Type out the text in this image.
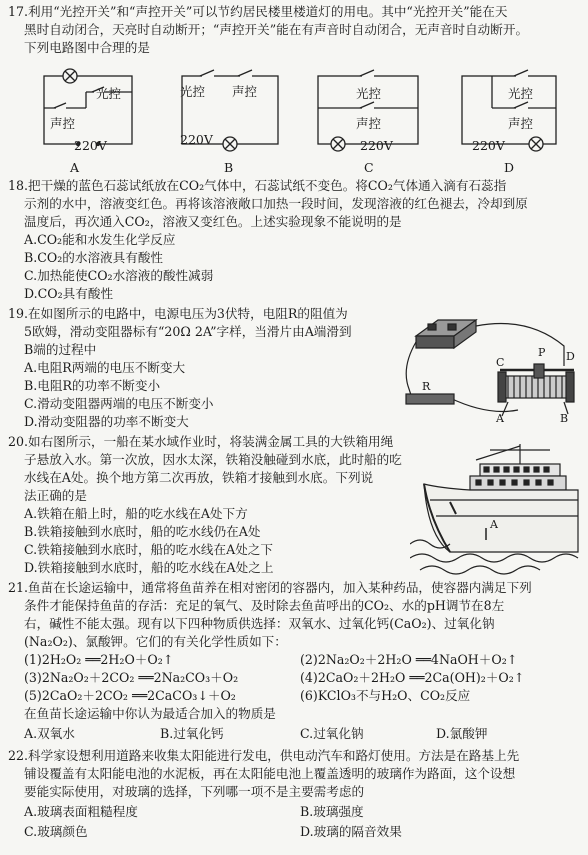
17.利用“光控开关”和“声控开关”可以节约居民楼里楼道灯的用电。其中“光控开关”能在天
黑时自动闭合，天亮时自动断开；“声控开关”能在有声音时自动闭合，无声音时自动断开。
下列电路图中合理的是
光控
声控
220V
A
光控 声控
220V
B
光控
声控
220V
C
光控
声控
220V
D
18.把干燥的蓝色石蕊试纸放在CO₂气体中，石蕊试纸不变色。将CO₂气体通入滴有石蕊指
示剂的水中，溶液变红色。再将该溶液敞口加热一段时间，发现溶液的红色褪去，冷却到原
温度后，再次通入CO₂，溶液又变红色。上述实验现象不能说明的是
A.CO₂能和水发生化学反应
B.CO₂的水溶液具有酸性
C.加热能使CO₂水溶液的酸性减弱
D.CO₂具有酸性
19.在如图所示的电路中，电源电压为3伏特，电阻R的阻值为
5欧姆，滑动变阻器标有“20Ω 2A”字样，当滑片由A端滑到
B端的过程中
A.电阻R两端的电压不断变大
B.电阻R的功率不断变小
C.滑动变阻器两端的电压不断变小
D.滑动变阻器的功率不断变大
C
P D
R
A	B
20.如右图所示，一船在某水域作业时，将装满金属工具的大铁箱用绳
子悬放入水。第一次放，因水太深，铁箱没触碰到水底，此时船的吃
水线在A处。换个地方第二次再放，铁箱才接触到水底。下列说
法正确的是
A.铁箱在船上时，船的吃水线在A处下方
B.铁箱接触到水底时，船的吃水线仍在A处
C.铁箱接触到水底时，船的吃水线在A处之下
D.铁箱接触到水底时，船的吃水线在A处之上
A
21.鱼苗在长途运输中，通常将鱼苗养在相对密闭的容器内，加入某种药品，使容器内满足下列
条件才能保持鱼苗的存活：充足的氧气、及时除去鱼苗呼出的CO₂、水的pH调节在8左
右，碱性不能太强。现有以下四种物质供选择：双氧水、过氧化钙(CaO₂)、过氧化钠
(Na₂O₂)、氯酸钾。它们的有关化学性质如下：
(1)2H₂O₂ ══2H₂O＋O₂↑	(2)2Na₂O₂＋2H₂O ══4NaOH＋O₂↑
(3)2Na₂O₂＋2CO₂ ══2Na₂CO₃＋O₂	(4)2CaO₂＋2H₂O ══2Ca(OH)₂＋O₂↑
(5)2CaO₂＋2CO₂ ══2CaCO₃↓＋O₂	(6)KClO₃不与H₂O、CO₂反应
在鱼苗长途运输中你认为最适合加入的物质是
A.双氧水	B.过氧化钙	C.过氧化钠	D.氯酸钾
22.科学家设想利用道路来收集太阳能进行发电，供电动汽车和路灯使用。方法是在路基上先
铺设覆盖有太阳能电池的水泥板，再在太阳能电池上覆盖透明的玻璃作为路面，这个设想
要能实际使用，对玻璃的选择，下列哪一项不是主要需考虑的
A.玻璃表面粗糙程度	B.玻璃强度
C.玻璃颜色	D.玻璃的隔音效果
